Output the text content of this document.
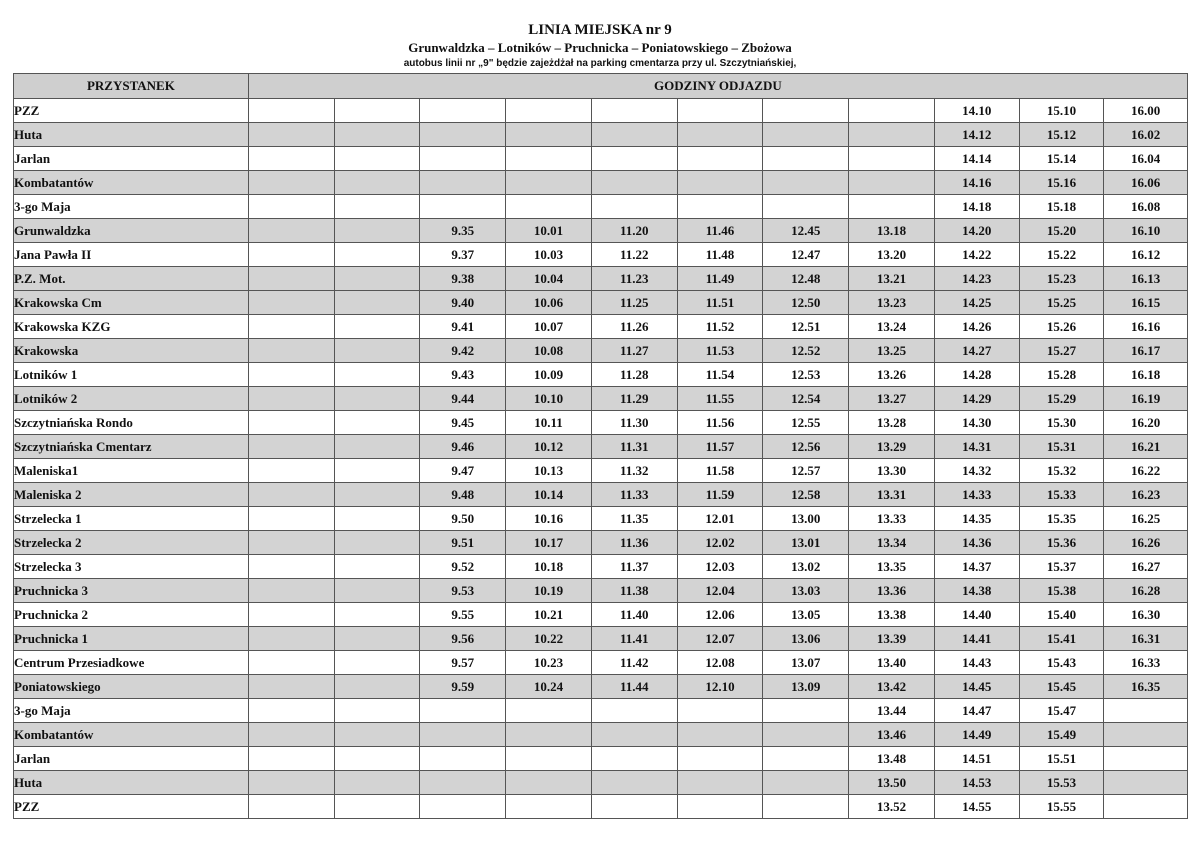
LINIA MIEJSKA nr 9
Grunwaldzka – Lotników – Pruchnicka – Poniatowskiego – Zbożowa
autobus linii nr „9" będzie zajeżdżał na parking cmentarza przy ul. Szczytniańskiej,
PRZYSTANEK	GODZINY ODJAZDU										
PZZ									14.10	15.10	16.00
Huta									14.12	15.12	16.02
Jarlan									14.14	15.14	16.04
Kombatantów									14.16	15.16	16.06
3-go Maja									14.18	15.18	16.08
Grunwaldzka			9.35	10.01	11.20	11.46	12.45	13.18	14.20	15.20	16.10
Jana Pawła II			9.37	10.03	11.22	11.48	12.47	13.20	14.22	15.22	16.12
P.Z. Mot.			9.38	10.04	11.23	11.49	12.48	13.21	14.23	15.23	16.13
Krakowska Cm			9.40	10.06	11.25	11.51	12.50	13.23	14.25	15.25	16.15
Krakowska KZG			9.41	10.07	11.26	11.52	12.51	13.24	14.26	15.26	16.16
Krakowska			9.42	10.08	11.27	11.53	12.52	13.25	14.27	15.27	16.17
Lotników 1			9.43	10.09	11.28	11.54	12.53	13.26	14.28	15.28	16.18
Lotników 2			9.44	10.10	11.29	11.55	12.54	13.27	14.29	15.29	16.19
Szczytniańska Rondo			9.45	10.11	11.30	11.56	12.55	13.28	14.30	15.30	16.20
Szczytniańska Cmentarz			9.46	10.12	11.31	11.57	12.56	13.29	14.31	15.31	16.21
Maleniska1			9.47	10.13	11.32	11.58	12.57	13.30	14.32	15.32	16.22
Maleniska 2			9.48	10.14	11.33	11.59	12.58	13.31	14.33	15.33	16.23
Strzelecka 1			9.50	10.16	11.35	12.01	13.00	13.33	14.35	15.35	16.25
Strzelecka 2			9.51	10.17	11.36	12.02	13.01	13.34	14.36	15.36	16.26
Strzelecka 3			9.52	10.18	11.37	12.03	13.02	13.35	14.37	15.37	16.27
Pruchnicka 3			9.53	10.19	11.38	12.04	13.03	13.36	14.38	15.38	16.28
Pruchnicka 2			9.55	10.21	11.40	12.06	13.05	13.38	14.40	15.40	16.30
Pruchnicka 1			9.56	10.22	11.41	12.07	13.06	13.39	14.41	15.41	16.31
Centrum Przesiadkowe			9.57	10.23	11.42	12.08	13.07	13.40	14.43	15.43	16.33
Poniatowskiego			9.59	10.24	11.44	12.10	13.09	13.42	14.45	15.45	16.35
3-go Maja								13.44	14.47	15.47	
Kombatantów								13.46	14.49	15.49	
Jarlan								13.48	14.51	15.51	
Huta								13.50	14.53	15.53	
PZZ								13.52	14.55	15.55	
